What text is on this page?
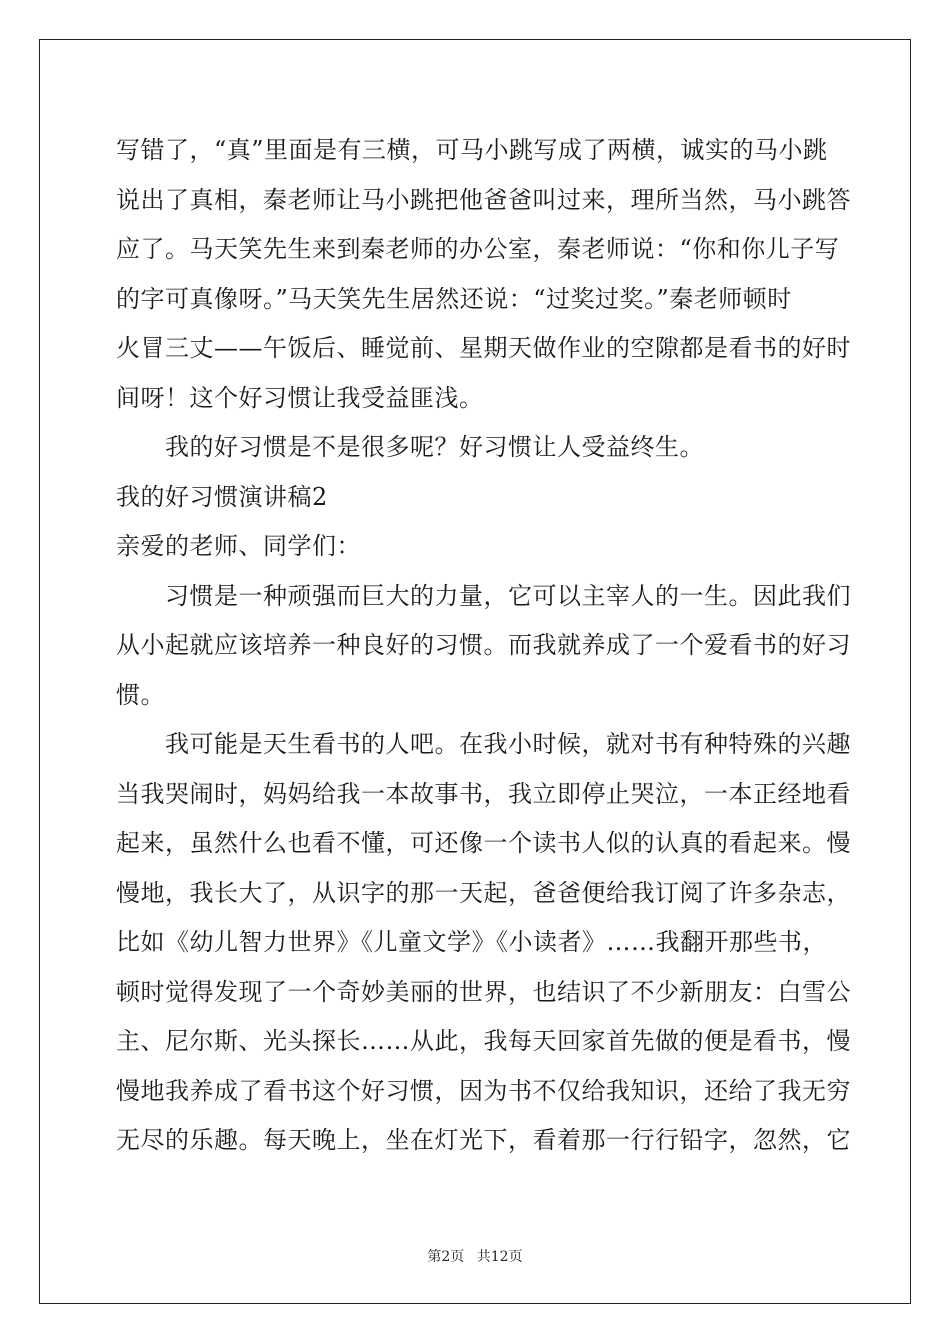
写错了，“真”里面是有三横，可马小跳写成了两横，诚实的马小跳
说出了真相，秦老师让马小跳把他爸爸叫过来，理所当然，马小跳答
应了。马天笑先生来到秦老师的办公室，秦老师说：“你和你儿子写
的字可真像呀。”马天笑先生居然还说：“过奖过奖。”秦老师顿时
火冒三丈——午饭后、睡觉前、星期天做作业的空隙都是看书的好时
间呀！这个好习惯让我受益匪浅。
我的好习惯是不是很多呢？好习惯让人受益终生。
我的好习惯演讲稿2
亲爱的老师、同学们：
习惯是一种顽强而巨大的力量，它可以主宰人的一生。因此我们
从小起就应该培养一种良好的习惯。而我就养成了一个爱看书的好习
惯。
我可能是天生看书的人吧。在我小时候，就对书有种特殊的兴趣
当我哭闹时，妈妈给我一本故事书，我立即停止哭泣，一本正经地看
起来，虽然什么也看不懂，可还像一个读书人似的认真的看起来。慢
慢地，我长大了，从识字的那一天起，爸爸便给我订阅了许多杂志，
比如《幼儿智力世界》《儿童文学》《小读者》……我翻开那些书，
顿时觉得发现了一个奇妙美丽的世界，也结识了不少新朋友：白雪公
主、尼尔斯、光头探长……从此，我每天回家首先做的便是看书，慢
慢地我养成了看书这个好习惯，因为书不仅给我知识，还给了我无穷
无尽的乐趣。每天晚上，坐在灯光下，看着那一行行铅字，忽然，它
第2页 共12页
